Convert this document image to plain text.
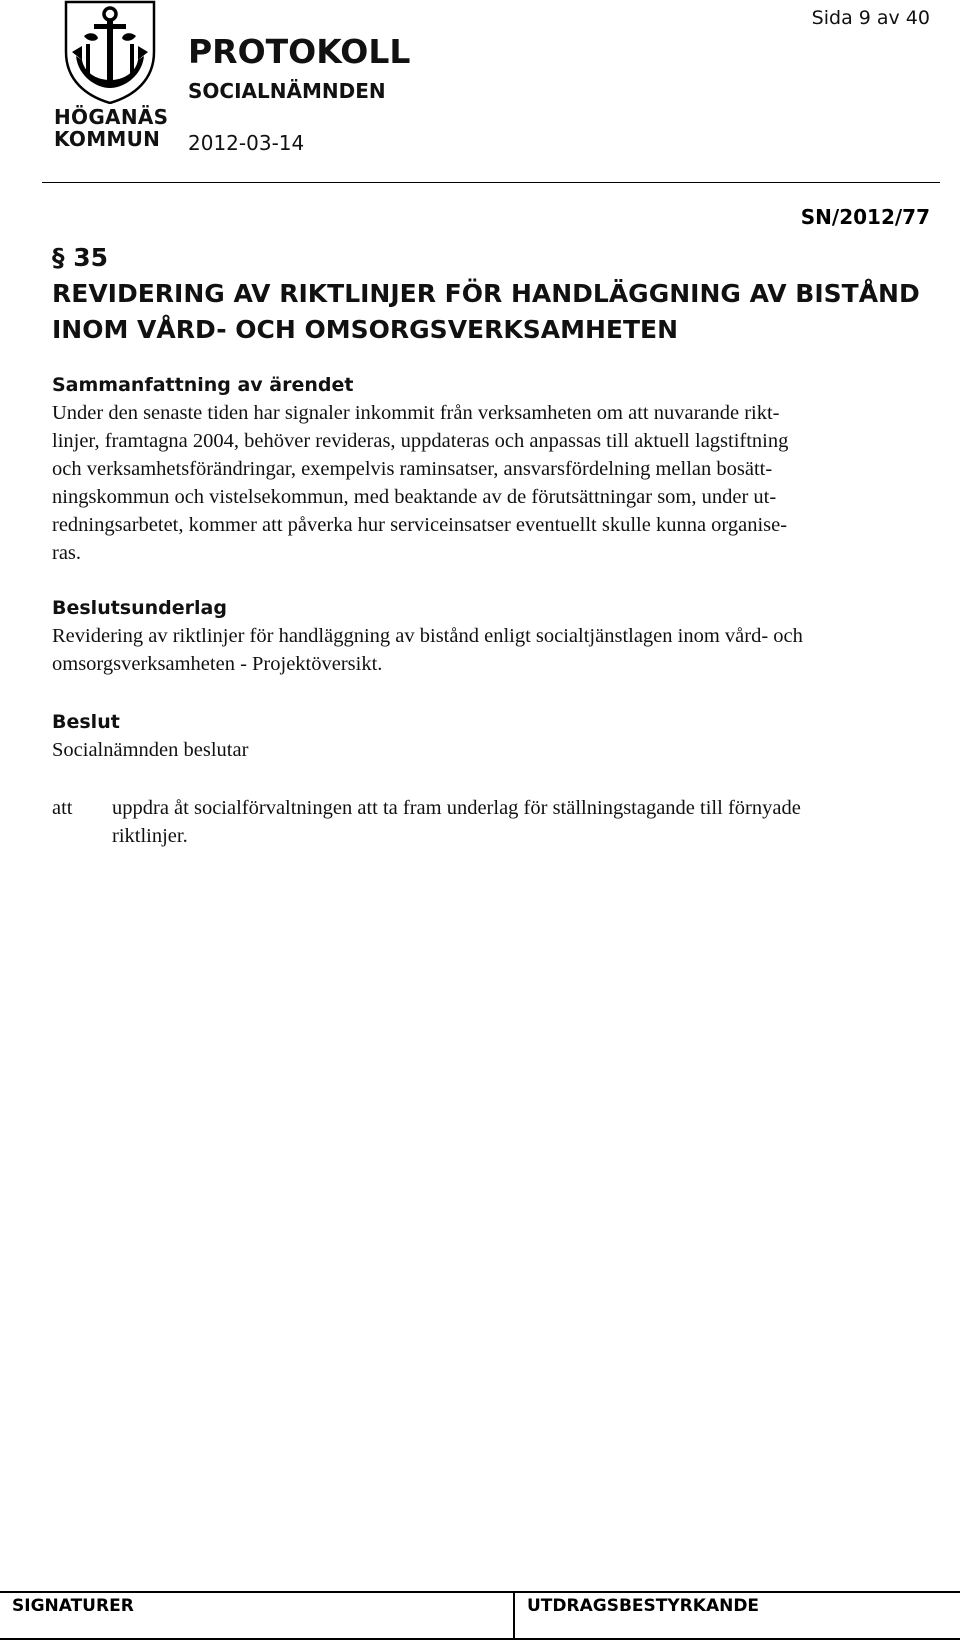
HÖGANÄS
KOMMUN
PROTOKOLL
SOCIALNÄMNDEN
2012-03-14
Sida 9 av 40
SN/2012/77
§ 35
REVIDERING AV RIKTLINJER FÖR HANDLÄGGNING AV BISTÅND
INOM VÅRD- OCH OMSORGSVERKSAMHETEN
Sammanfattning av ärendet
Under den senaste tiden har signaler inkommit från verksamheten om att nuvarande rikt-
linjer, framtagna 2004, behöver revideras, uppdateras och anpassas till aktuell lagstiftning
och verksamhetsförändringar, exempelvis raminsatser, ansvarsfördelning mellan bosätt-
ningskommun och vistelsekommun, med beaktande av de förutsättningar som, under ut-
redningsarbetet, kommer att påverka hur serviceinsatser eventuellt skulle kunna organise-
ras.
Beslutsunderlag
Revidering av riktlinjer för handläggning av bistånd enligt socialtjänstlagen inom vård- och
omsorgsverksamheten - Projektöversikt.
Beslut
Socialnämnden beslutar
att uppdra åt socialförvaltningen att ta fram underlag för ställningstagande till förnyade
riktlinjer.
SIGNATURER	UTDRAGSBESTYRKANDE
